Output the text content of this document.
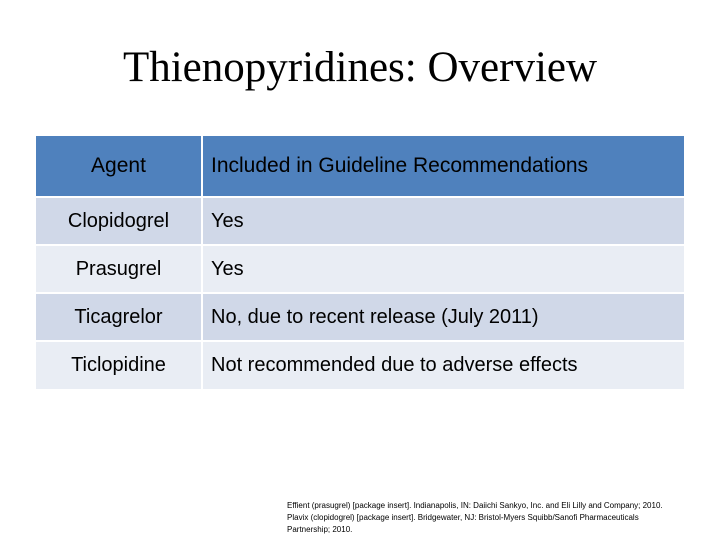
Thienopyridines: Overview
Agent	Included in Guideline Recommendations
Clopidogrel	Yes
Prasugrel	Yes
Ticagrelor	No, due to recent release (July 2011)
Ticlopidine	Not recommended due to adverse effects
Effient (prasugrel) [package insert]. Indianapolis, IN: Daiichi Sankyo, Inc. and Eli Lilly and Company; 2010.
Plavix (clopidogrel) [package insert]. Bridgewater, NJ: Bristol-Myers Squibb/Sanofi Pharmaceuticals
Partnership; 2010.
